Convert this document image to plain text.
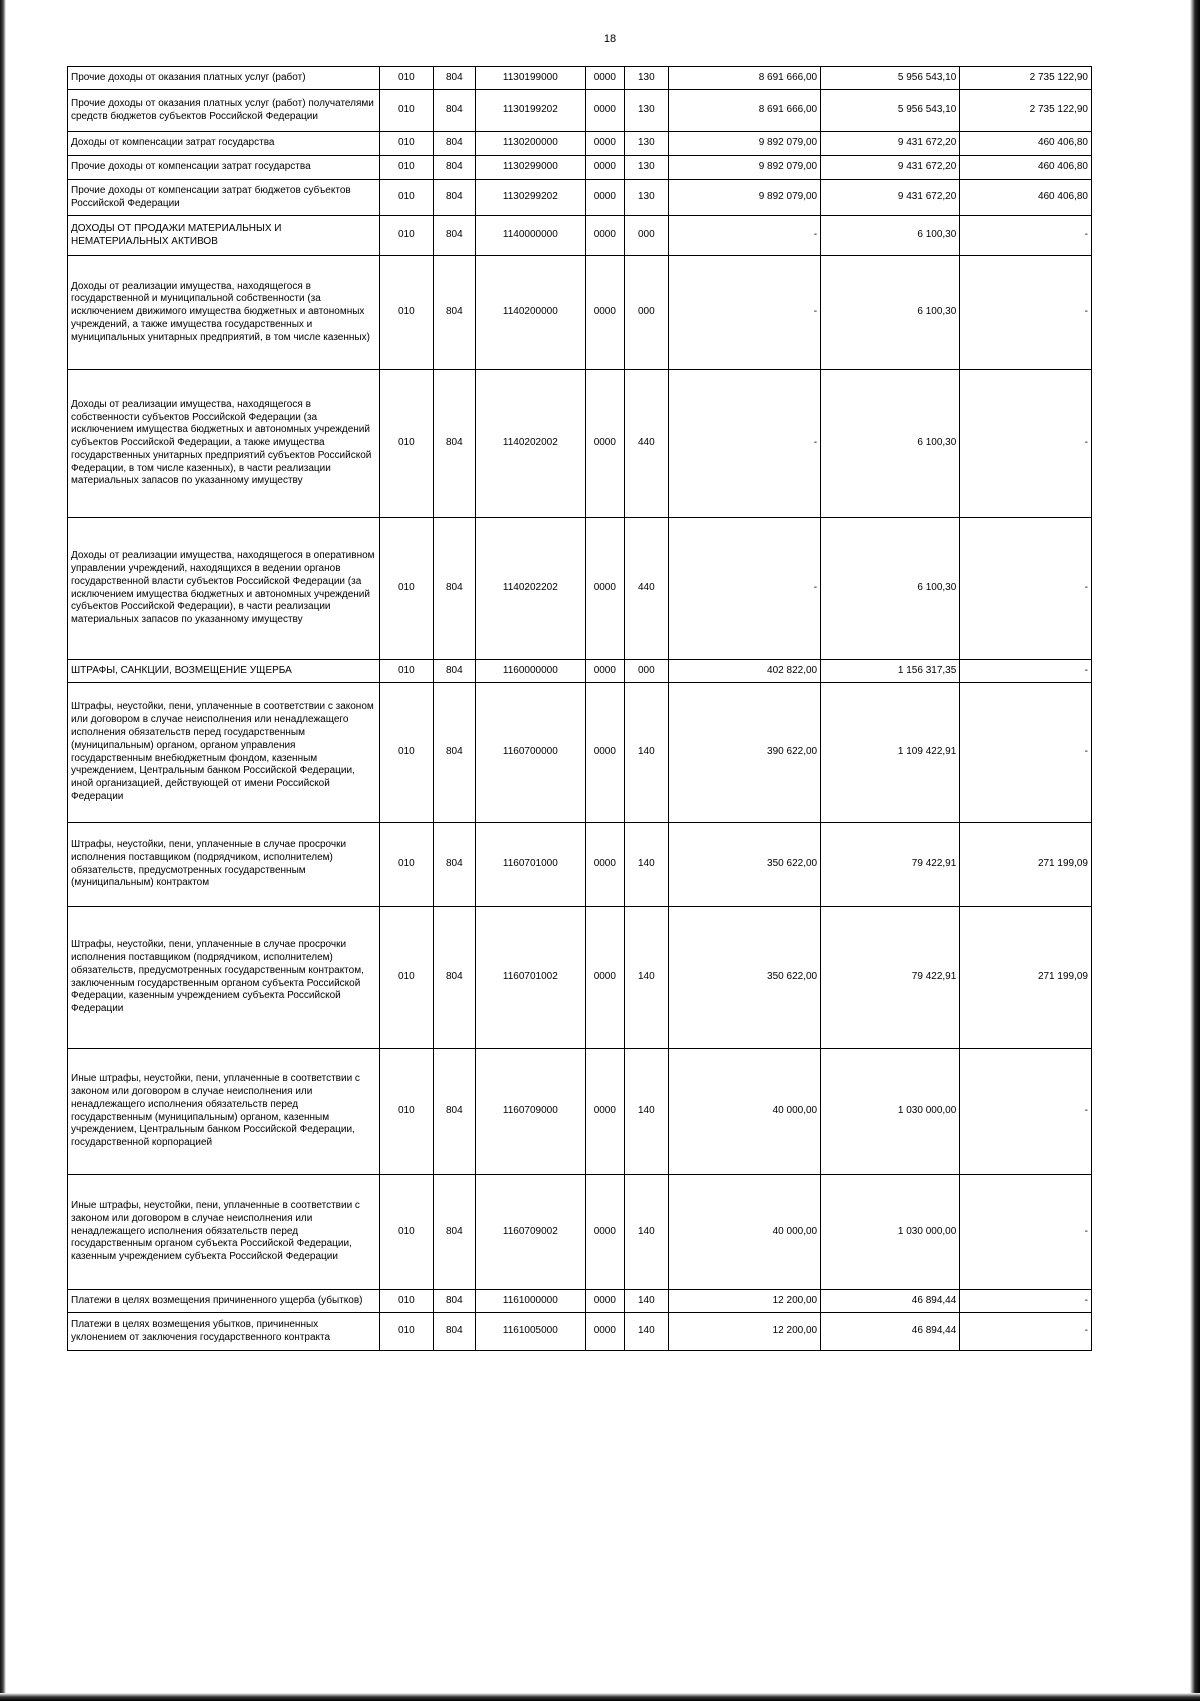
18
Прочие доходы от оказания платных услуг (работ)	010	804	1130199000	0000	130	8 691 666,00	5 956 543,10	2 735 122,90
Прочие доходы от оказания платных услуг (работ) получателями средств бюджетов субъектов Российской Федерации	010	804	1130199202	0000	130	8 691 666,00	5 956 543,10	2 735 122,90
Доходы от компенсации затрат государства	010	804	1130200000	0000	130	9 892 079,00	9 431 672,20	460 406,80
Прочие доходы от компенсации затрат государства	010	804	1130299000	0000	130	9 892 079,00	9 431 672,20	460 406,80
Прочие доходы от компенсации затрат бюджетов субъектов Российской Федерации	010	804	1130299202	0000	130	9 892 079,00	9 431 672,20	460 406,80
ДОХОДЫ ОТ ПРОДАЖИ МАТЕРИАЛЬНЫХ И НЕМАТЕРИАЛЬНЫХ АКТИВОВ	010	804	1140000000	0000	000	-	6 100,30	-
Доходы от реализации имущества, находящегося в государственной и муниципальной собственности (за исключением движимого имущества бюджетных и автономных учреждений, а также имущества государственных и муниципальных унитарных предприятий, в том числе казенных)	010	804	1140200000	0000	000	-	6 100,30	-
Доходы от реализации имущества, находящегося в собственности субъектов Российской Федерации (за исключением имущества бюджетных и автономных учреждений субъектов Российской Федерации, а также имущества государственных унитарных предприятий субъектов Российской Федерации, в том числе казенных), в части реализации материальных запасов по указанному имуществу	010	804	1140202002	0000	440	-	6 100,30	-
Доходы от реализации имущества, находящегося в оперативном управлении учреждений, находящихся в ведении органов государственной власти субъектов Российской Федерации (за исключением имущества бюджетных и автономных учреждений субъектов Российской Федерации), в части реализации материальных запасов по указанному имуществу	010	804	1140202202	0000	440	-	6 100,30	-
ШТРАФЫ, САНКЦИИ, ВОЗМЕЩЕНИЕ УЩЕРБА	010	804	1160000000	0000	000	402 822,00	1 156 317,35	-
Штрафы, неустойки, пени, уплаченные в соответствии с законом или договором в случае неисполнения или ненадлежащего исполнения обязательств перед государственным (муниципальным) органом, органом управления государственным внебюджетным фондом, казенным учреждением, Центральным банком Российской Федерации, иной организацией, действующей от имени Российской Федерации	010	804	1160700000	0000	140	390 622,00	1 109 422,91	-
Штрафы, неустойки, пени, уплаченные в случае просрочки исполнения поставщиком (подрядчиком, исполнителем) обязательств, предусмотренных государственным (муниципальным) контрактом	010	804	1160701000	0000	140	350 622,00	79 422,91	271 199,09
Штрафы, неустойки, пени, уплаченные в случае просрочки исполнения поставщиком (подрядчиком, исполнителем) обязательств, предусмотренных государственным контрактом, заключенным государственным органом субъекта Российской Федерации, казенным учреждением субъекта Российской Федерации	010	804	1160701002	0000	140	350 622,00	79 422,91	271 199,09
Иные штрафы, неустойки, пени, уплаченные в соответствии с законом или договором в случае неисполнения или ненадлежащего исполнения обязательств перед государственным (муниципальным) органом, казенным учреждением, Центральным банком Российской Федерации, государственной корпорацией	010	804	1160709000	0000	140	40 000,00	1 030 000,00	-
Иные штрафы, неустойки, пени, уплаченные в соответствии с законом или договором в случае неисполнения или ненадлежащего исполнения обязательств перед государственным органом субъекта Российской Федерации, казенным учреждением субъекта Российской Федерации	010	804	1160709002	0000	140	40 000,00	1 030 000,00	-
Платежи в целях возмещения причиненного ущерба (убытков)	010	804	1161000000	0000	140	12 200,00	46 894,44	-
Платежи в целях возмещения убытков, причиненных уклонением от заключения государственного контракта	010	804	1161005000	0000	140	12 200,00	46 894,44	-
